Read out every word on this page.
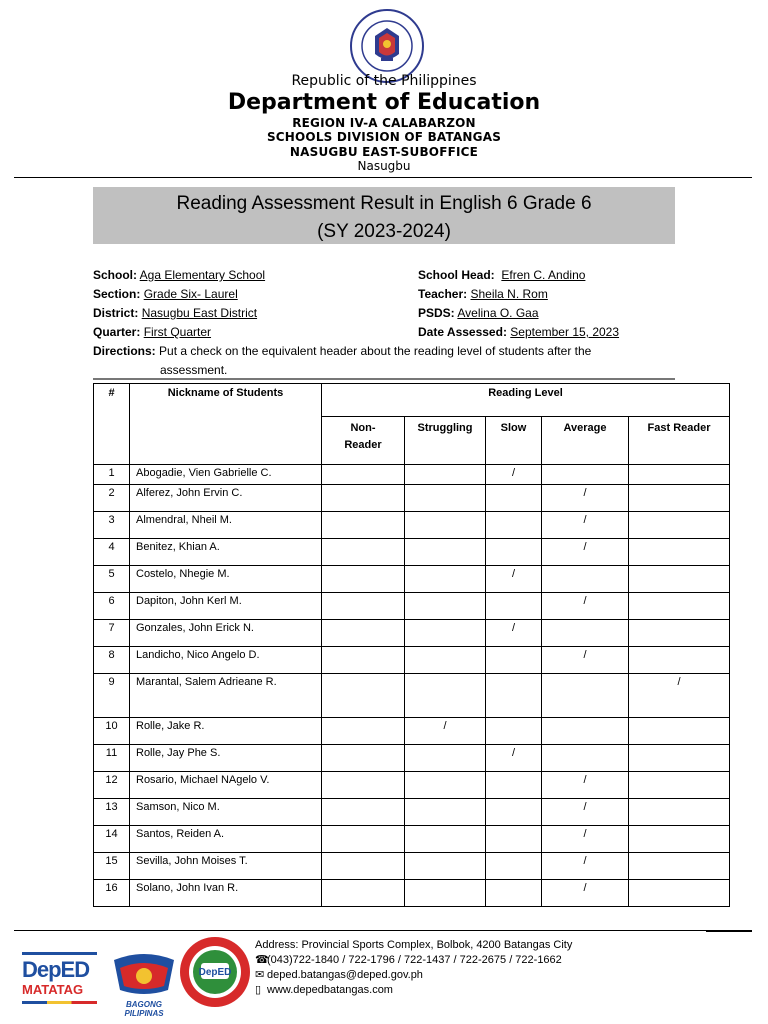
Republic of the Philippines
Department of Education
REGION IV-A CALABARZON
SCHOOLS DIVISION OF BATANGAS
NASUGBU EAST-SUBOFFICE
Nasugbu
Reading Assessment Result in English 6 Grade 6
(SY 2023-2024)
School: Aga Elementary School
Section: Grade Six- Laurel
District: Nasugbu East District
Quarter: First Quarter
School Head: Efren C. Andino
Teacher: Sheila N. Rom
PSDS: Avelina O. Gaa
Date Assessed: September 15, 2023
Directions: Put a check on the equivalent header about the reading level of students after the
assessment.
#	Nickname of Students	Reading Level				
		Non-
Reader	Struggling	Slow	Average	Fast Reader
1	Abogadie, Vien Gabrielle C.			/		
2	Alferez, John Ervin C.				/	
3	Almendral, Nheil M.				/	
4	Benitez, Khian A.				/	
5	Costelo, Nhegie M.			/		
6	Dapiton, John Kerl M.				/	
7	Gonzales, John Erick N.			/		
8	Landicho, Nico Angelo D.				/	
9	Marantal, Salem Adrieane R.					/
10	Rolle, Jake R.		/			
11	Rolle, Jay Phe S.			/		
12	Rosario, Michael NAgelo V.				/	
13	Samson, Nico M.				/	
14	Santos, Reiden A.				/	
15	Sevilla, John Moises T.				/	
16	Solano, John Ivan R.				/	
DepED
MATATAG
BAGONG PILIPINAS
DepED
Address: Provincial Sports Complex, Bolbok, 4200 Batangas City
☎(043)722-1840 / 722-1796 / 722-1437 / 722-2675 / 722-1662
✉ deped.batangas@deped.gov.ph
▯ www.depedbatangas.com
